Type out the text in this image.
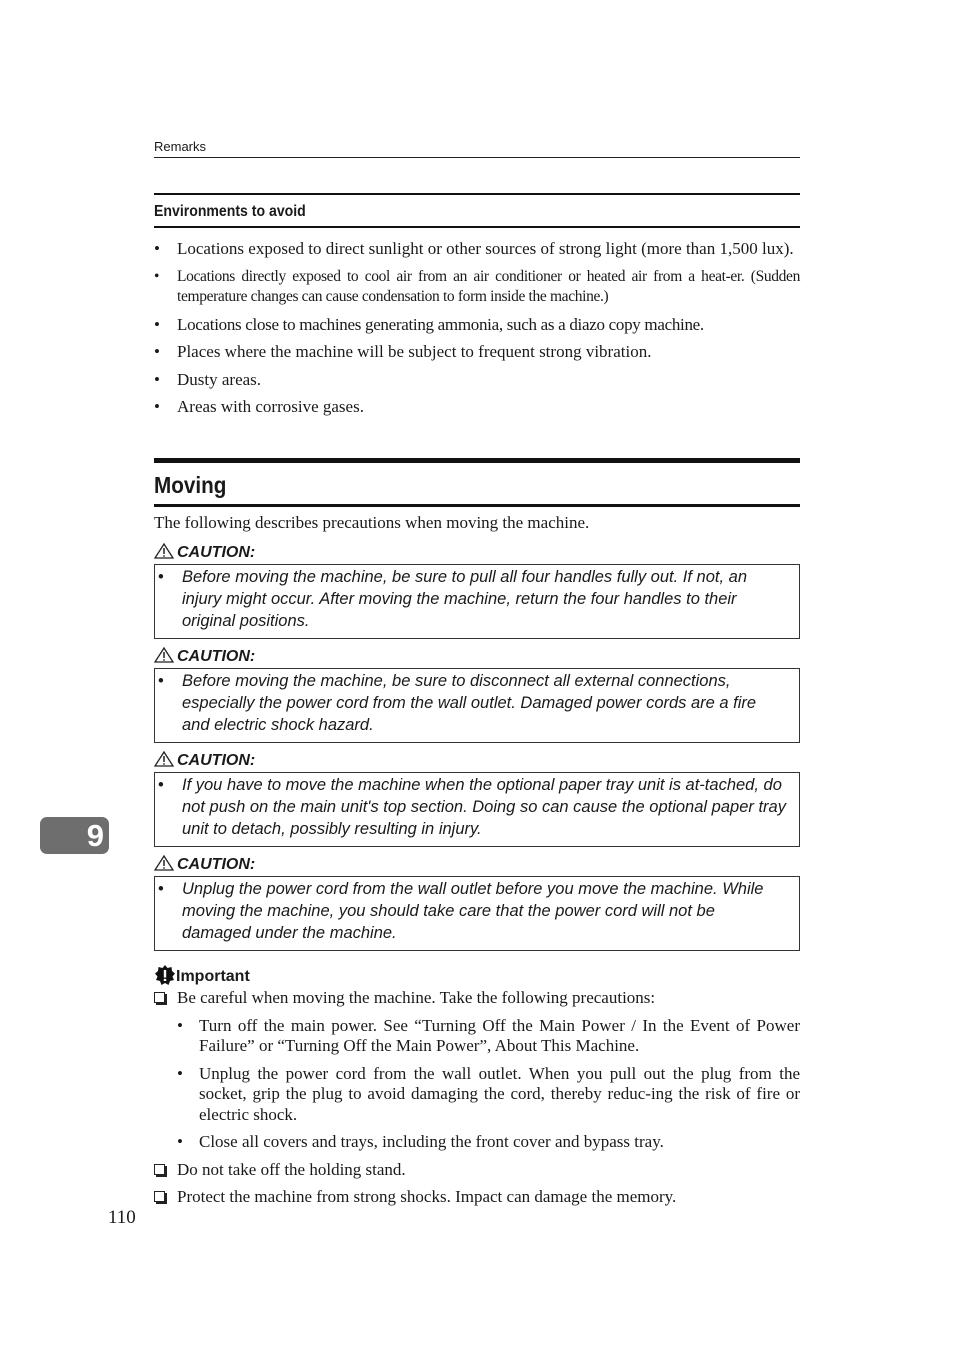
Remarks
Environments to avoid
• Locations exposed to direct sunlight or other sources of strong light (more than 1,500 lux).
• Locations directly exposed to cool air from an air conditioner or heated air from a heat-er. (Sudden temperature changes can cause condensation to form inside the machine.)
• Locations close to machines generating ammonia, such as a diazo copy machine.
• Places where the machine will be subject to frequent strong vibration.
• Dusty areas.
• Areas with corrosive gases.
Moving
The following describes precautions when moving the machine.
CAUTION:
• Before moving the machine, be sure to pull all four handles fully out. If not, an injury might occur. After moving the machine, return the four handles to their original positions.
CAUTION:
• Before moving the machine, be sure to disconnect all external connections, especially the power cord from the wall outlet. Damaged power cords are a fire and electric shock hazard.
CAUTION:
• If you have to move the machine when the optional paper tray unit is at-tached, do not push on the main unit's top section. Doing so can cause the optional paper tray unit to detach, possibly resulting in injury.
CAUTION:
• Unplug the power cord from the wall outlet before you move the machine. While moving the machine, you should take care that the power cord will not be damaged under the machine.
Important
Be careful when moving the machine. Take the following precautions:
• Turn off the main power. See “Turning Off the Main Power / In the Event of Power Failure” or “Turning Off the Main Power”, About This Machine.
• Unplug the power cord from the wall outlet. When you pull out the plug from the socket, grip the plug to avoid damaging the cord, thereby reduc-ing the risk of fire or electric shock.
• Close all covers and trays, including the front cover and bypass tray.
Do not take off the holding stand.
Protect the machine from strong shocks. Impact can damage the memory.
9
110
